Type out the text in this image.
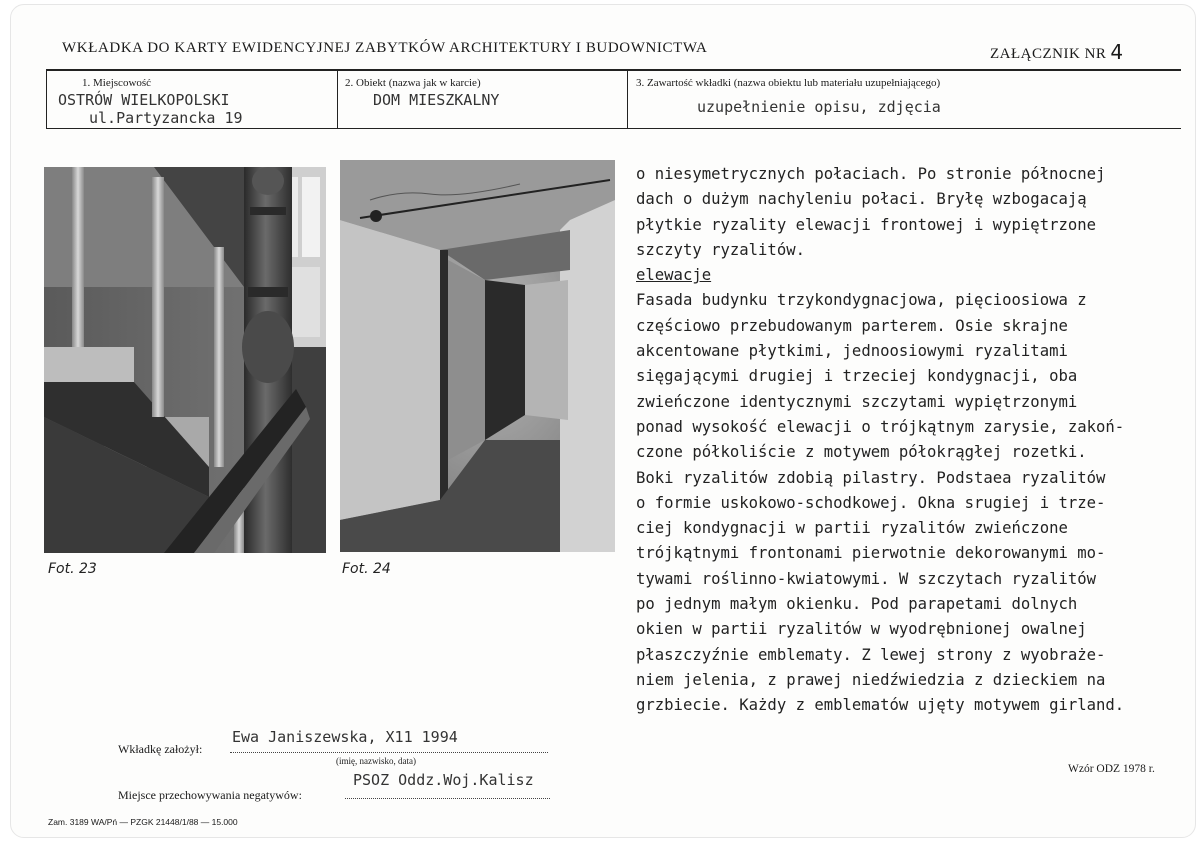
WKŁADKA DO KARTY EWIDENCYJNEJ ZABYTKÓW ARCHITEKTURY I BUDOWNICTWA	ZAŁĄCZNIK NR 4
1. Miejscowość
OSTRÓW WIELKOPOLSKI
ul.Partyzancka 19
2. Obiekt (nazwa jak w karcie)
DOM MIESZKALNY
3. Zawartość wkładki (nazwa obiektu lub materiału uzupełniającego)
uzupełnienie opisu, zdjęcia
Fot. 23	Fot. 24
o niesymetrycznych połaciach. Po stronie północnej
dach o dużym nachyleniu połaci. Bryłę wzbogacają
płytkie ryzality elewacji frontowej i wypiętrzone
szczyty ryzalitów.
elewacje
Fasada budynku trzykondygnacjowa, pięcioosiowa z
częściowo przebudowanym parterem. Osie skrajne
akcentowane płytkimi, jednoosiowymi ryzalitami
sięgającymi drugiej i trzeciej kondygnacji, oba
zwieńczone identycznymi szczytami wypiętrzonymi
ponad wysokość elewacji o trójkątnym zarysie, zakoń-
czone półkoliście z motywem półokrągłej rozetki.
Boki ryzalitów zdobią pilastry. Podstaea ryzalitów
o formie uskokowo-schodkowej. Okna srugiej i trze-
ciej kondygnacji w partii ryzalitów zwieńczone
trójkątnymi frontonami pierwotnie dekorowanymi mo-
tywami roślinno-kwiatowymi. W szczytach ryzalitów
po jednym małym okienku. Pod parapetami dolnych
okien w partii ryzalitów w wyodrębnionej owalnej
płaszczyźnie emblematy. Z lewej strony z wyobraże-
niem jelenia, z prawej niedźwiedzia z dzieckiem na
grzbiecie. Każdy z emblematów ujęty motywem girland.
Wkładkę założył:
Ewa Janiszewska, X11 1994
(imię, nazwisko, data)
Miejsce przechowywania negatywów:
PSOZ Oddz.Woj.Kalisz
Wzór ODZ 1978 r.
Zam. 3189 WA/Pń — PZGK 21448/1/88 — 15.000
